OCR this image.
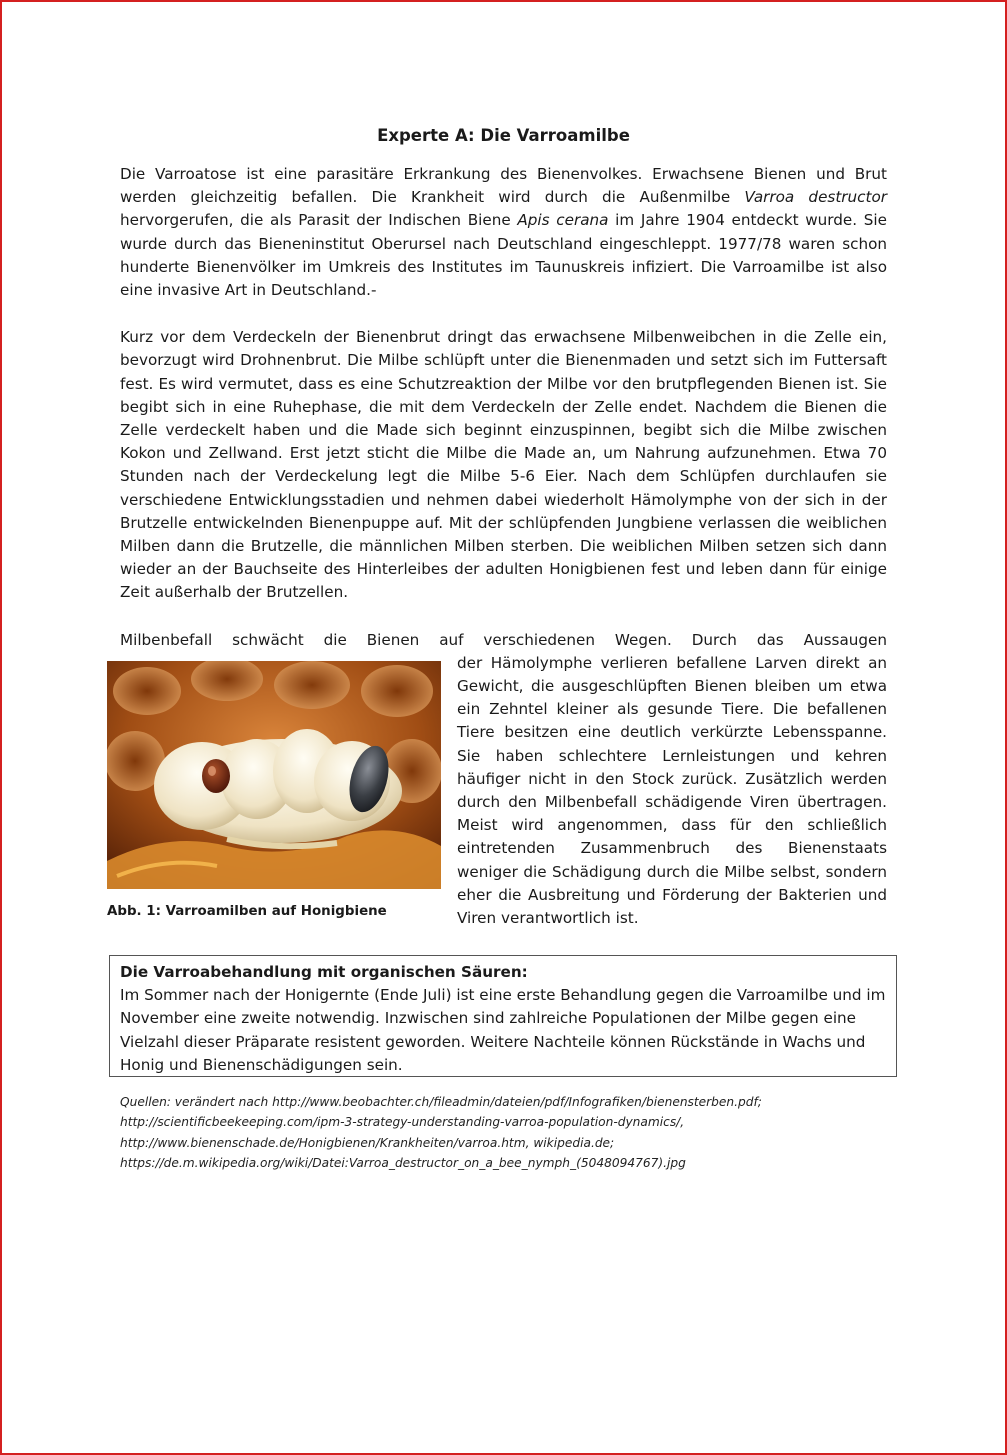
Experte A: Die Varroamilbe

Die Varroatose ist eine parasitäre Erkrankung des Bienenvolkes. Erwachsene Bienen und Brut werden gleichzeitig befallen. Die Krankheit wird durch die Außenmilbe Varroa destructor hervorgerufen, die als Parasit der Indischen Biene Apis cerana im Jahre 1904 entdeckt wurde. Sie wurde durch das Bieneninstitut Oberursel nach Deutschland eingeschleppt. 1977/78 waren schon hunderte Bienenvölker im Umkreis des Institutes im Taunuskreis infiziert. Die Varroamilbe ist also eine invasive Art in Deutschland.-

Kurz vor dem Verdeckeln der Bienenbrut dringt das erwachsene Milbenweibchen in die Zelle ein, bevorzugt wird Drohnenbrut. Die Milbe schlüpft unter die Bienenmaden und setzt sich im Futtersaft fest. Es wird vermutet, dass es eine Schutzreaktion der Milbe vor den brutpflegenden Bienen ist. Sie begibt sich in eine Ruhephase, die mit dem Verdeckeln der Zelle endet. Nachdem die Bienen die Zelle verdeckelt haben und die Made sich beginnt einzuspinnen, begibt sich die Milbe zwischen Kokon und Zellwand. Erst jetzt sticht die Milbe die Made an, um Nahrung aufzunehmen. Etwa 70 Stunden nach der Verdeckelung legt die Milbe 5-6 Eier. Nach dem Schlüpfen durchlaufen sie verschiedene Entwicklungsstadien und nehmen dabei wiederholt Hämolymphe von der sich in der Brutzelle entwickelnden Bienenpuppe auf. Mit der schlüpfenden Jungbiene verlassen die weiblichen Milben dann die Brutzelle, die männlichen Milben sterben. Die weiblichen Milben setzen sich dann wieder an der Bauchseite des Hinterleibes der adulten Honigbienen fest und leben dann für einige Zeit außerhalb der Brutzellen.

Milbenbefall schwächt die Bienen auf verschiedenen Wegen. Durch das Aussaugen

Abb. 1: Varroamilben auf Honigbiene
der Hämolymphe verlieren befallene Larven direkt an Gewicht, die ausgeschlüpften Bienen bleiben um etwa ein Zehntel kleiner als gesunde Tiere. Die befallenen Tiere besitzen eine deutlich verkürzte Lebensspanne. Sie haben schlechtere Lernleistungen und kehren häufiger nicht in den Stock zurück. Zusätzlich werden durch den Milbenbefall schädigende Viren übertragen. Meist wird angenommen, dass für den schließlich eintretenden Zusammenbruch des Bienenstaats weniger die Schädigung durch die Milbe selbst, sondern eher die Ausbreitung und Förderung der Bakterien und Viren verantwortlich ist.
Die Varroabehandlung mit organischen Säuren:
Im Sommer nach der Honigernte (Ende Juli) ist eine erste Behandlung gegen die Varroamilbe und im November eine zweite notwendig. Inzwischen sind zahlreiche Populationen der Milbe gegen eine Vielzahl dieser Präparate resistent geworden. Weitere Nachteile können Rückstände in Wachs und Honig und Bienenschädigungen sein.
Quellen: verändert nach http://www.beobachter.ch/fileadmin/dateien/pdf/Infografiken/bienensterben.pdf;
http://scientificbeekeeping.com/ipm-3-strategy-understanding-varroa-population-dynamics/,
http://www.bienenschade.de/Honigbienen/Krankheiten/varroa.htm, wikipedia.de;
https://de.m.wikipedia.org/wiki/Datei:Varroa_destructor_on_a_bee_nymph_(5048094767).jpg
